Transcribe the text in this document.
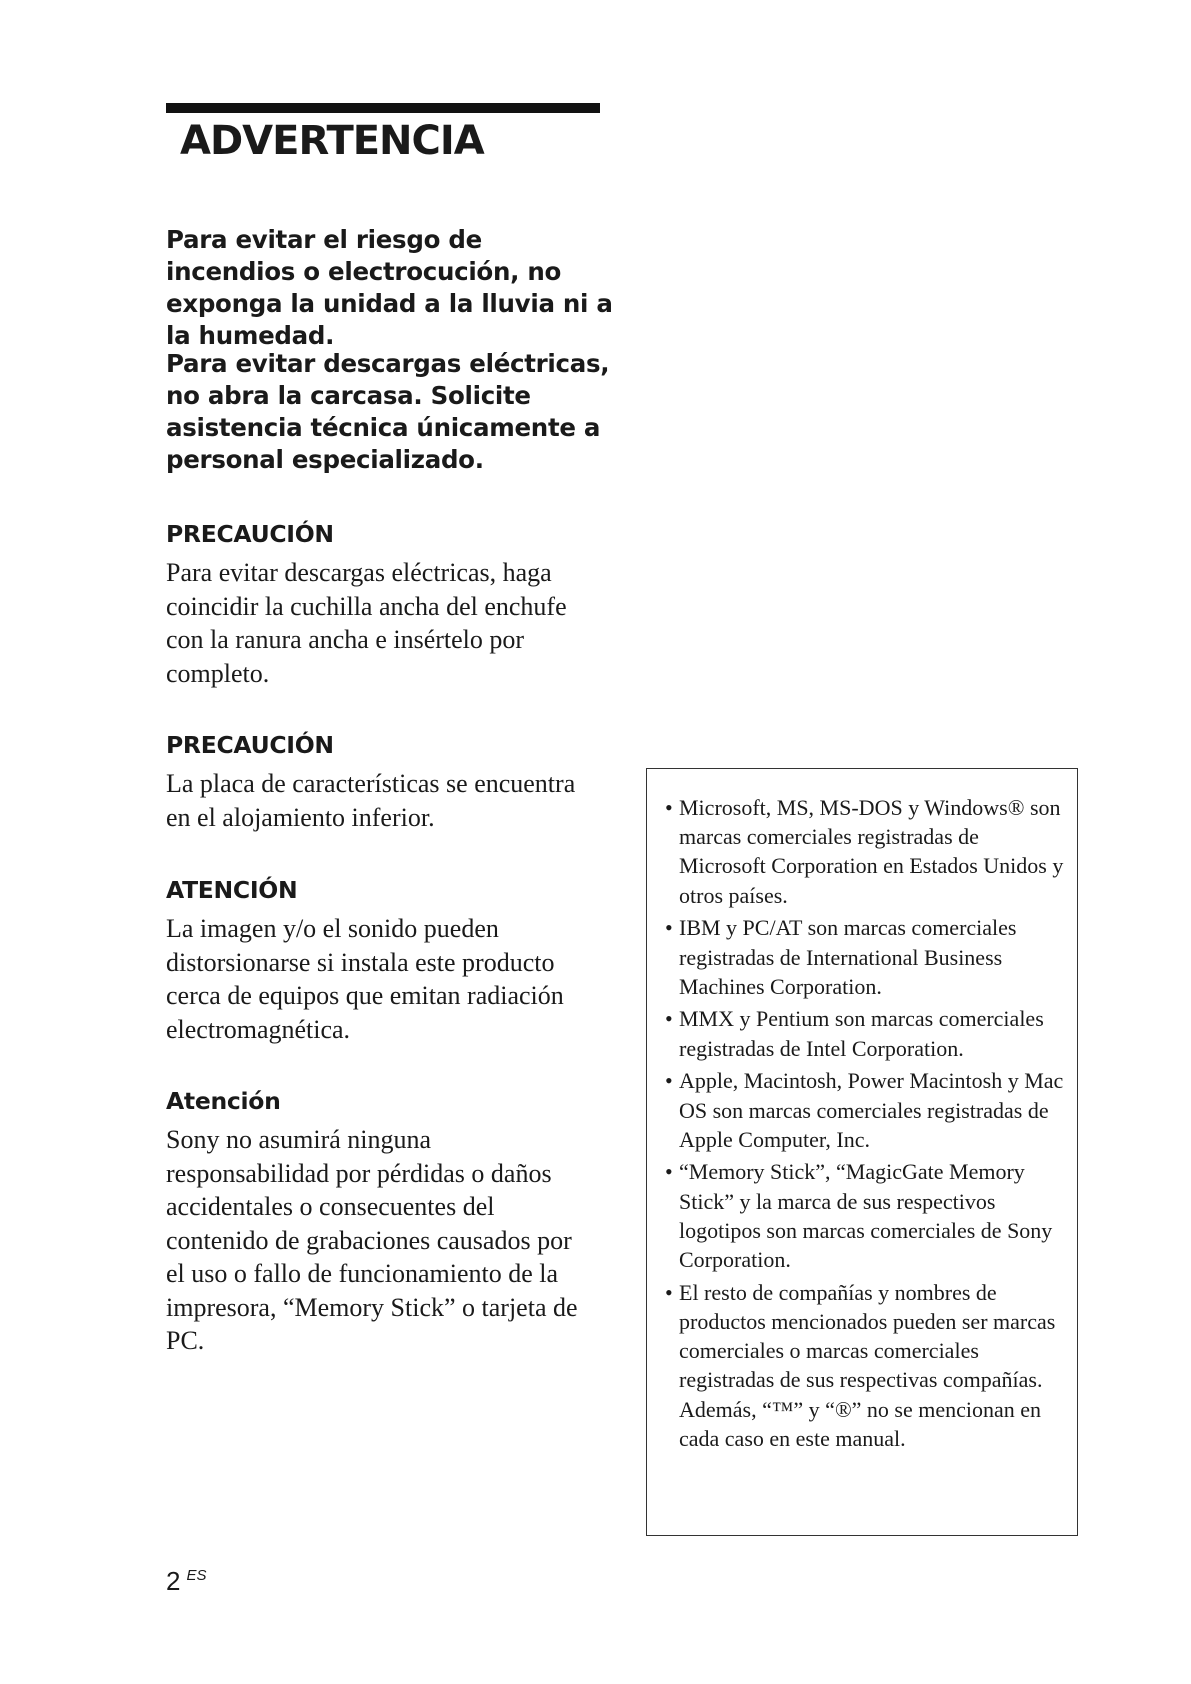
ADVERTENCIA

Para evitar el riesgo de incendios o electrocución, no exponga la unidad a la lluvia ni a la humedad.

Para evitar descargas eléctricas, no abra la carcasa. Solicite asistencia técnica únicamente a personal especializado.

PRECAUCIÓN

Para evitar descargas eléctricas, haga coincidir la cuchilla ancha del enchufe con la ranura ancha e insértelo por completo.

PRECAUCIÓN

La placa de características se encuentra en el alojamiento inferior.

ATENCIÓN

La imagen y/o el sonido pueden distorsionarse si instala este producto cerca de equipos que emitan radiación electromagnética.

Atención

Sony no asumirá ninguna responsabilidad por pérdidas o daños accidentales o consecuentes del contenido de grabaciones causados por el uso o fallo de funcionamiento de la impresora, “Memory Stick” o tarjeta de PC.

• Microsoft, MS, MS-DOS y Windows® son marcas comerciales registradas de Microsoft Corporation en Estados Unidos y otros países.
• IBM y PC/AT son marcas comerciales registradas de International Business Machines Corporation.
• MMX y Pentium son marcas comerciales registradas de Intel Corporation.
• Apple, Macintosh, Power Macintosh y Mac OS son marcas comerciales registradas de Apple Computer, Inc.
• “Memory Stick”, “MagicGate Memory Stick” y la marca de sus respectivos logotipos son marcas comerciales de Sony Corporation.
• El resto de compañías y nombres de productos mencionados pueden ser marcas comerciales o marcas comerciales registradas de sus respectivas compañías. Además, “™” y “®” no se mencionan en cada caso en este manual.
2 $^{ES}$
